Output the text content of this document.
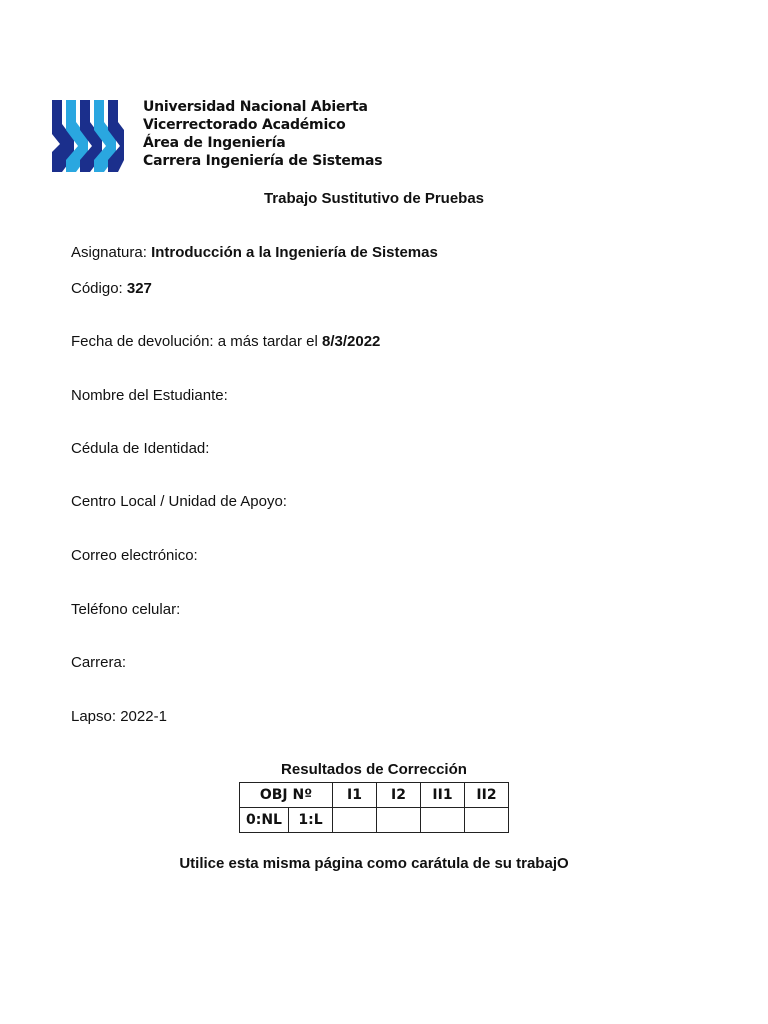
Universidad Nacional Abierta
Vicerrectorado Académico
Área de Ingeniería
Carrera Ingeniería de Sistemas
Trabajo Sustitutivo de Pruebas
Asignatura: Introducción a la Ingeniería de Sistemas
Código: 327
Fecha de devolución: a más tardar el 8/3/2022
Nombre del Estudiante:
Cédula de Identidad:
Centro Local / Unidad de Apoyo:
Correo electrónico:
Teléfono celular:
Carrera:
Lapso: 2022-1
Resultados de Corrección
OBJ Nº		I1	I2	II1	II2
0:NL	1:L				
Utilice esta misma página como carátula de su trabajO
